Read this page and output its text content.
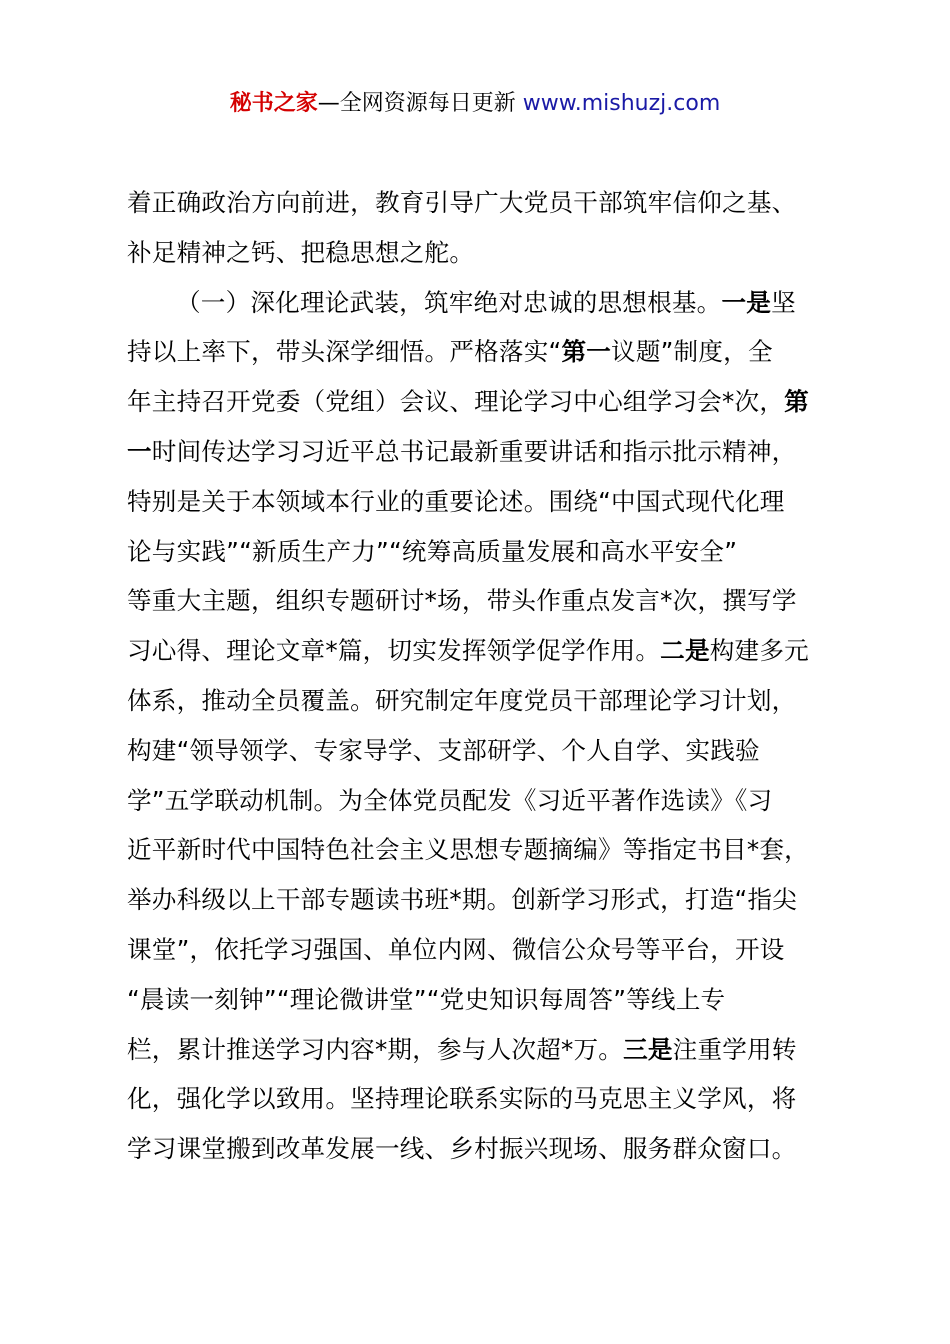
秘书之家—全网资源每日更新 www.mishuzj.com
着正确政治方向前进，教育引导广大党员干部筑牢信仰之基、
补足精神之钙、把稳思想之舵。
（一）深化理论武装，筑牢绝对忠诚的思想根基。一是坚
持以上率下，带头深学细悟。严格落实“第一议题”制度，全
年主持召开党委（党组）会议、理论学习中心组学习会*次，第
一时间传达学习习近平总书记最新重要讲话和指示批示精神，
特别是关于本领域本行业的重要论述。围绕“中国式现代化理
论与实践”“新质生产力”“统筹高质量发展和高水平安全”
等重大主题，组织专题研讨*场，带头作重点发言*次，撰写学
习心得、理论文章*篇，切实发挥领学促学作用。二是构建多元
体系，推动全员覆盖。研究制定年度党员干部理论学习计划，
构建“领导领学、专家导学、支部研学、个人自学、实践验
学”五学联动机制。为全体党员配发《习近平著作选读》《习
近平新时代中国特色社会主义思想专题摘编》等指定书目*套，
举办科级以上干部专题读书班*期。创新学习形式，打造“指尖
课堂”，依托学习强国、单位内网、微信公众号等平台，开设
“晨读一刻钟”“理论微讲堂”“党史知识每周答”等线上专
栏，累计推送学习内容*期，参与人次超*万。三是注重学用转
化，强化学以致用。坚持理论联系实际的马克思主义学风，将
学习课堂搬到改革发展一线、乡村振兴现场、服务群众窗口。
